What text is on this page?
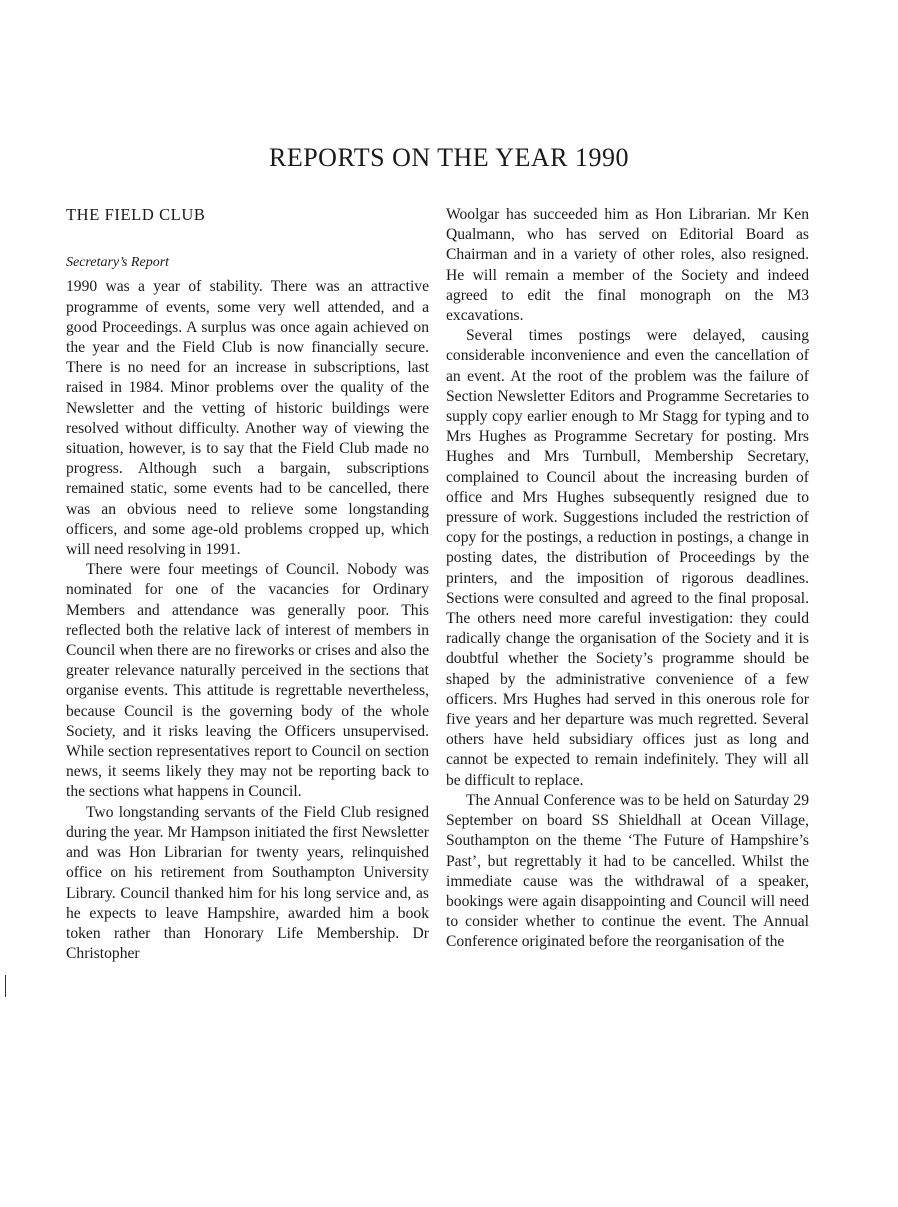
REPORTS ON THE YEAR 1990
THE FIELD CLUB
Secretary’s Report

1990 was a year of stability. There was an attractive programme of events, some very well attended, and a good Proceedings. A surplus was once again achieved on the year and the Field Club is now financially secure. There is no need for an increase in subscriptions, last raised in 1984. Minor problems over the quality of the Newsletter and the vetting of historic buildings were resolved without difficulty. Another way of viewing the situation, however, is to say that the Field Club made no progress. Although such a bargain, subscriptions remained static, some events had to be cancelled, there was an obvious need to relieve some longstanding officers, and some age-old problems cropped up, which will need resolving in 1991.

There were four meetings of Council. Nobody was nominated for one of the vacancies for Ordinary Members and attendance was generally poor. This reflected both the relative lack of interest of members in Council when there are no fireworks or crises and also the greater relevance naturally perceived in the sections that organise events. This attitude is regrettable nevertheless, because Council is the governing body of the whole Society, and it risks leaving the Officers unsupervised. While section representatives report to Council on section news, it seems likely they may not be reporting back to the sections what happens in Council.

Two longstanding servants of the Field Club resigned during the year. Mr Hampson initiated the first Newsletter and was Hon Librarian for twenty years, relinquished office on his retirement from Southampton University Library. Council thanked him for his long service and, as he expects to leave Hampshire, awarded him a book token rather than Honorary Life Membership. Dr Christopher

Woolgar has succeeded him as Hon Librarian. Mr Ken Qualmann, who has served on Editorial Board as Chairman and in a variety of other roles, also resigned. He will remain a member of the Society and indeed agreed to edit the final monograph on the M3 excavations.

Several times postings were delayed, causing considerable inconvenience and even the cancellation of an event. At the root of the problem was the failure of Section Newsletter Editors and Programme Secretaries to supply copy earlier enough to Mr Stagg for typing and to Mrs Hughes as Programme Secretary for posting. Mrs Hughes and Mrs Turnbull, Membership Secretary, complained to Council about the increasing burden of office and Mrs Hughes subsequently resigned due to pressure of work. Suggestions included the restriction of copy for the postings, a reduction in postings, a change in posting dates, the distribution of Proceedings by the printers, and the imposition of rigorous deadlines. Sections were consulted and agreed to the final proposal. The others need more careful investigation: they could radically change the organisation of the Society and it is doubtful whether the Society’s programme should be shaped by the administrative convenience of a few officers. Mrs Hughes had served in this onerous role for five years and her departure was much regretted. Several others have held subsidiary offices just as long and cannot be expected to remain indefinitely. They will all be difficult to replace.

The Annual Conference was to be held on Saturday 29 September on board SS Shieldhall at Ocean Village, Southampton on the theme ‘The Future of Hampshire’s Past’, but regrettably it had to be cancelled. Whilst the immediate cause was the withdrawal of a speaker, bookings were again disappointing and Council will need to consider whether to continue the event. The Annual Conference originated before the reorganisation of the
